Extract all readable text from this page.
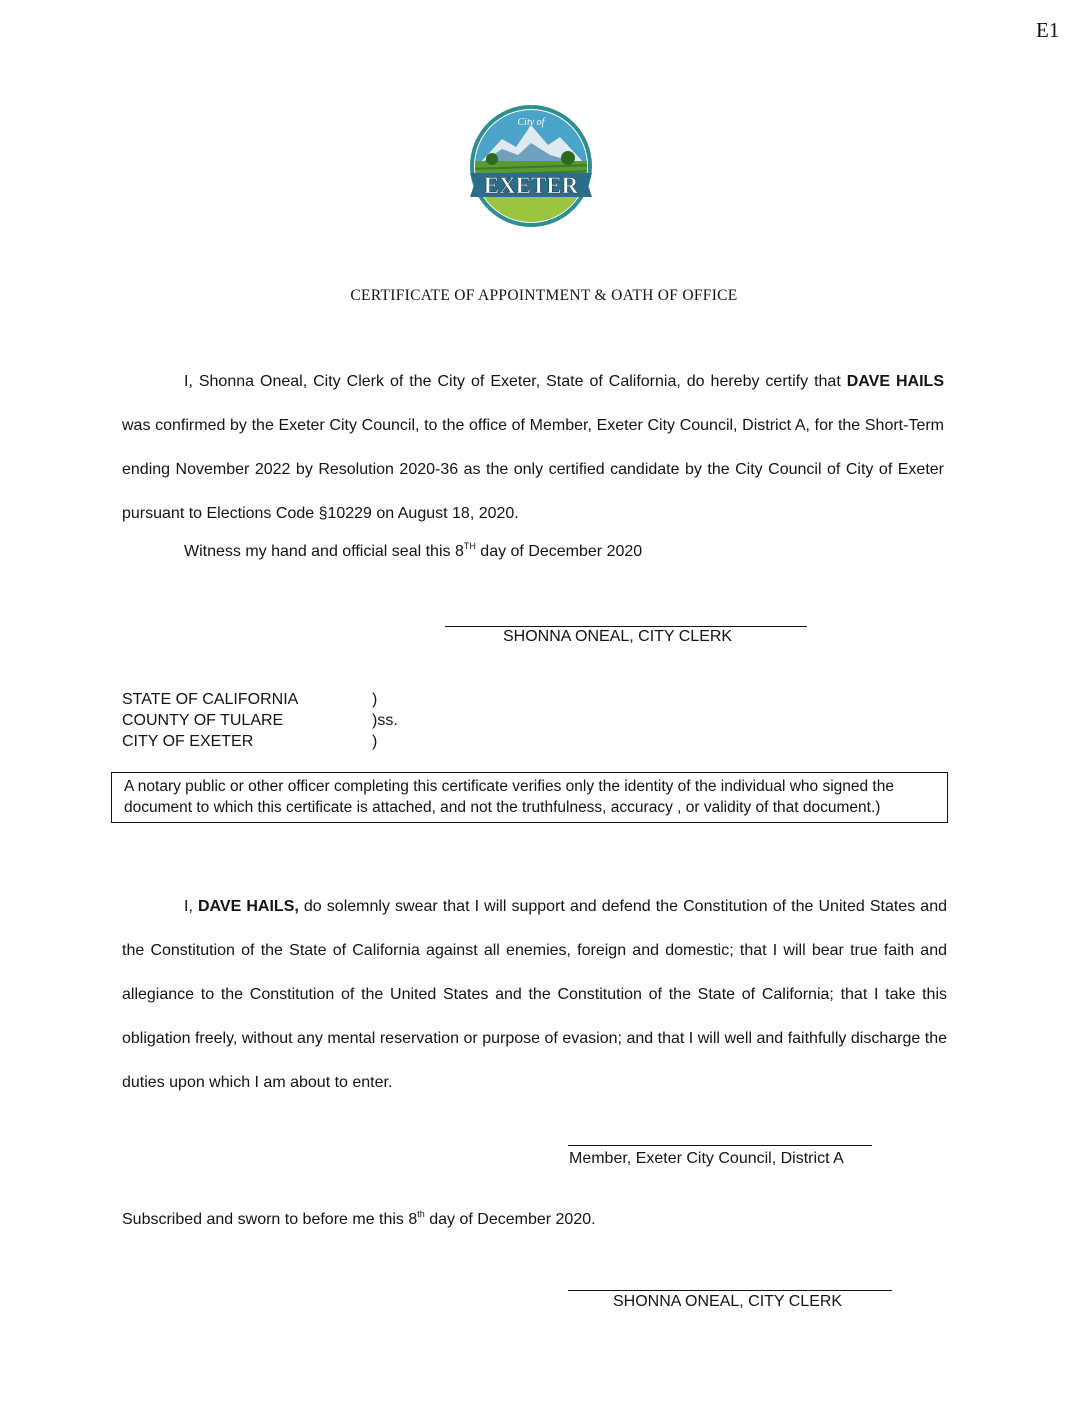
E1
EXETER
City of
CERTIFICATE OF APPOINTMENT & OATH OF OFFICE
I, Shonna Oneal, City Clerk of the City of Exeter, State of California, do hereby certify that DAVE HAILS was confirmed by the Exeter City Council, to the office of Member, Exeter City Council, District A, for the Short-Term ending November 2022 by Resolution 2020-36 as the only certified candidate by the City Council of City of Exeter pursuant to Elections Code §10229 on August 18, 2020.
Witness my hand and official seal this 8TH day of December 2020
SHONNA ONEAL, CITY CLERK
STATE OF CALIFORNIA	)
COUNTY OF TULARE	)ss.
CITY OF EXETER	)
A notary public or other officer completing this certificate verifies only the identity of the individual who signed the document to which this certificate is attached, and not the truthfulness, accuracy , or validity of that document.)
I, DAVE HAILS, do solemnly swear that I will support and defend the Constitution of the United States and the Constitution of the State of California against all enemies, foreign and domestic; that I will bear true faith and allegiance to the Constitution of the United States and the Constitution of the State of California; that I take this obligation freely, without any mental reservation or purpose of evasion; and that I will well and faithfully discharge the duties upon which I am about to enter.
Member, Exeter City Council, District A
Subscribed and sworn to before me this 8th day of December 2020.
SHONNA ONEAL, CITY CLERK
